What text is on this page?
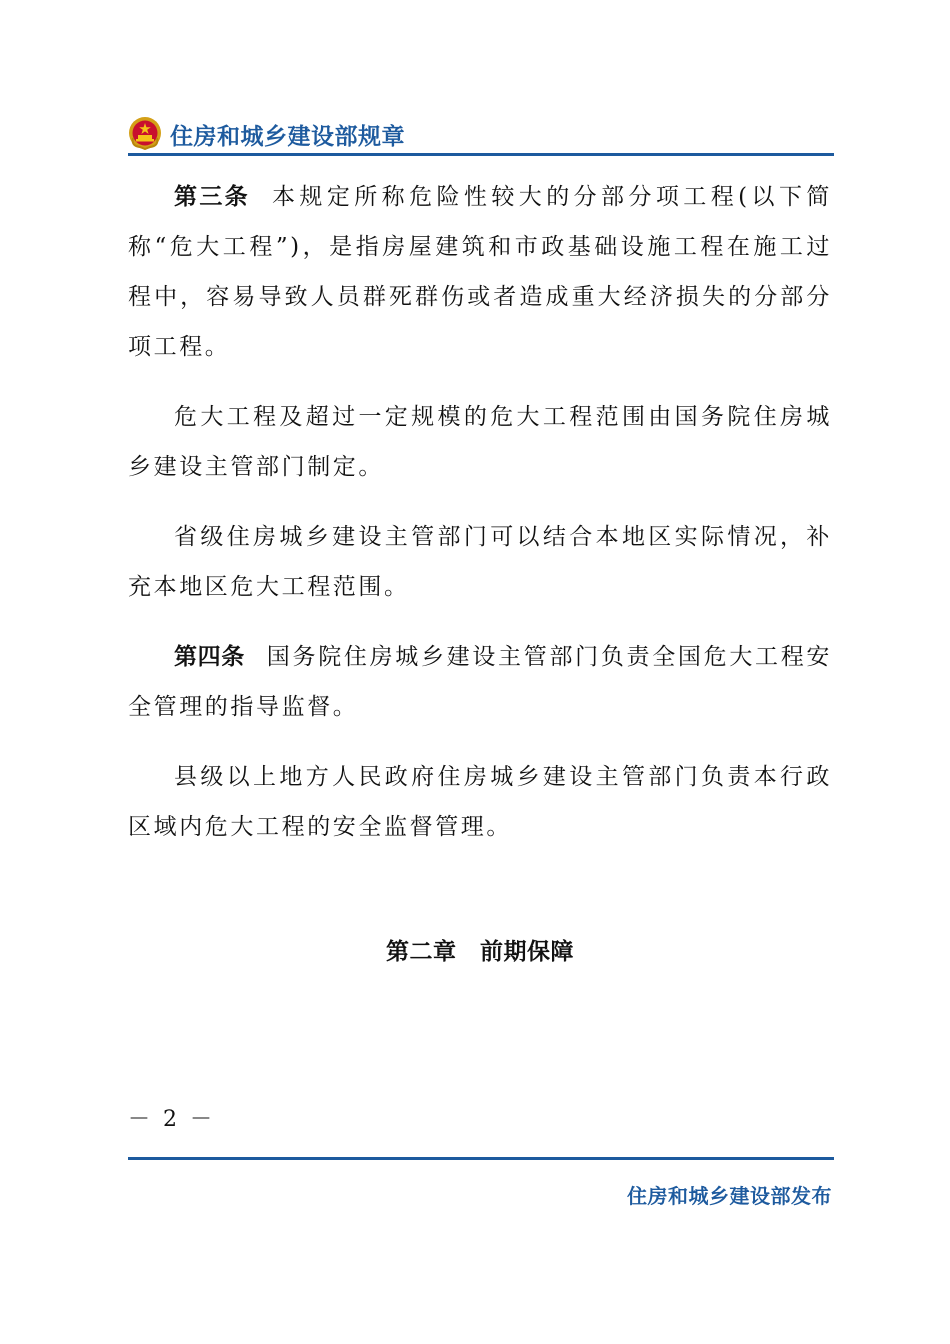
住房和城乡建设部规章

第三条 本规定所称危险性较大的分部分项工程(以下简称“危大工程”)，是指房屋建筑和市政基础设施工程在施工过程中，容易导致人员群死群伤或者造成重大经济损失的分部分项工程。

危大工程及超过一定规模的危大工程范围由国务院住房城乡建设主管部门制定。

省级住房城乡建设主管部门可以结合本地区实际情况，补充本地区危大工程范围。

第四条 国务院住房城乡建设主管部门负责全国危大工程安全管理的指导监督。

县级以上地方人民政府住房城乡建设主管部门负责本行政区域内危大工程的安全监督管理。

第二章　前期保障
－ 2 －
住房和城乡建设部发布
